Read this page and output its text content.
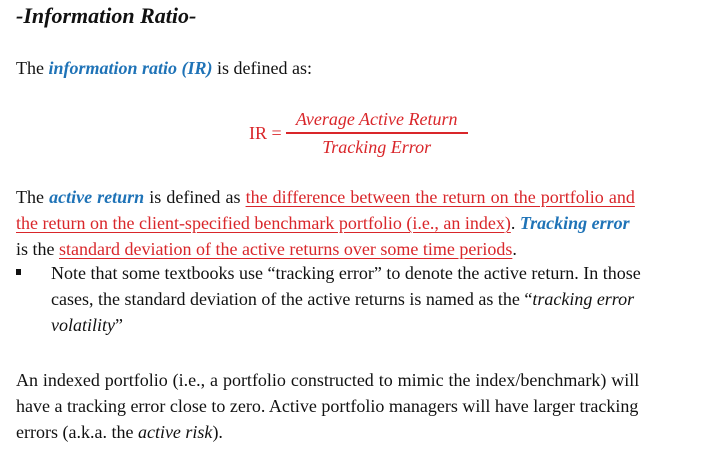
-Information Ratio-
The information ratio (IR) is defined as:
IR = $\frac{\text{Average Active Return}}{\text{Tracking Error}}$
The active return is defined as the difference between the return on the portfolio and
the return on the client-specified benchmark portfolio (i.e., an index). Tracking error
is the standard deviation of the active returns over some time periods.
Note that some textbooks use “tracking error” to denote the active return. In those
cases, the standard deviation of the active returns is named as the “tracking error
volatility”
An indexed portfolio (i.e., a portfolio constructed to mimic the index/benchmark) will
have a tracking error close to zero. Active portfolio managers will have larger tracking
errors (a.k.a. the active risk).
